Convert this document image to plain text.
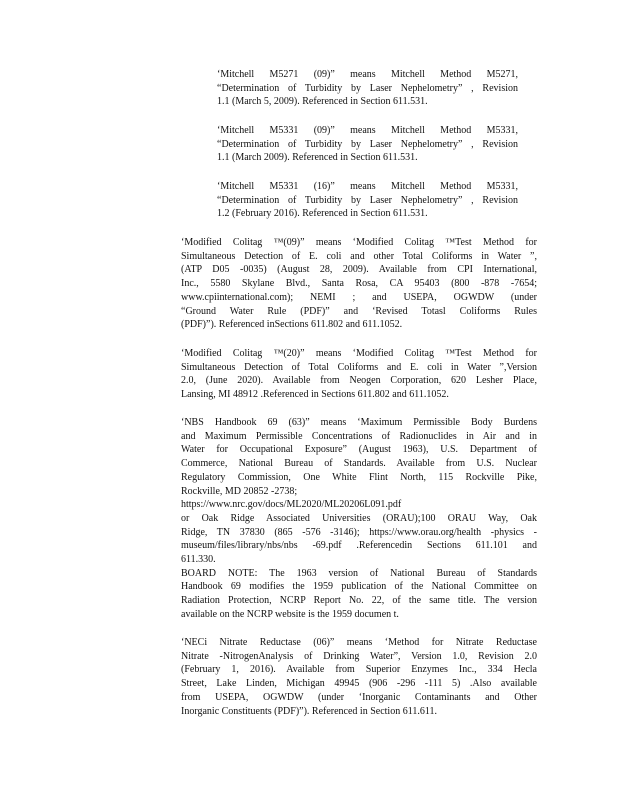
‘Mitchell M5271 (09)” means Mitchell Method M5271,
“Determination of Turbidity by Laser Nephelometry” , Revision
1.1 (March 5, 2009). Referenced in Section 611.531.
‘Mitchell M5331 (09)” means Mitchell Method M5331,
“Determination of Turbidity by Laser Nephelometry” , Revision
1.1 (March 2009). Referenced in Section 611.531.
‘Mitchell M5331 (16)” means Mitchell Method M5331,
“Determination of Turbidity by Laser Nephelometry” , Revision
1.2 (February 2016). Referenced in Section 611.531.
‘Modified Colitag ™(09)” means ‘Modified Colitag ™Test Method for
Simultaneous Detection of E. coli and other Total Coliforms in Water ”,
(ATP D05 -0035) (August 28, 2009). Available from CPI International,
Inc., 5580 Skylane Blvd., Santa Rosa, CA 95403 (800 -878 -7654;
www.cpiinternational.com); NEMI ; and USEPA, OGWDW (under
“Ground Water Rule (PDF)” and ‘Revised Totasl Coliforms Rules
(PDF)”). Referenced inSections 611.802 and 611.1052.
‘Modified Colitag ™(20)” means ‘Modified Colitag ™Test Method for
Simultaneous Detection of Total Coliforms and E. coli in Water ”,Version
2.0, (June 2020). Available from Neogen Corporation, 620 Lesher Place,
Lansing, MI 48912 .Referenced in Sections 611.802 and 611.1052.
‘NBS Handbook 69 (63)” means ‘Maximum Permissible Body Burdens
and Maximum Permissible Concentrations of Radionuclides in Air and in
Water for Occupational Exposure” (August 1963), U.S. Department of
Commerce, National Bureau of Standards. Available from U.S. Nuclear
Regulatory Commission, One White Flint North, 115 Rockville Pike,
Rockville, MD 20852 -2738;
https://www.nrc.gov/docs/ML2020/ML20206L091.pdf
or Oak Ridge Associated Universities (ORAU);100 ORAU Way, Oak
Ridge, TN 37830 (865 -576 -3146); https://www.orau.org/health -physics -
museum/files/library/nbs/nbs -69.pdf .Referencedin Sections 611.101 and
611.330.
BOARD NOTE: The 1963 version of National Bureau of Standards
Handbook 69 modifies the 1959 publication of the National Committee on
Radiation Protection, NCRP Report No. 22, of the same title. The version
available on the NCRP website is the 1959 documen t.
‘NECi Nitrate Reductase (06)” means ‘Method for Nitrate Reductase
Nitrate -NitrogenAnalysis of Drinking Water”, Version 1.0, Revision 2.0
(February 1, 2016). Available from Superior Enzymes Inc., 334 Hecla
Street, Lake Linden, Michigan 49945 (906 -296 -111 5) .Also available
from USEPA, OGWDW (under ‘Inorganic Contaminants and Other
Inorganic Constituents (PDF)”). Referenced in Section 611.611.
